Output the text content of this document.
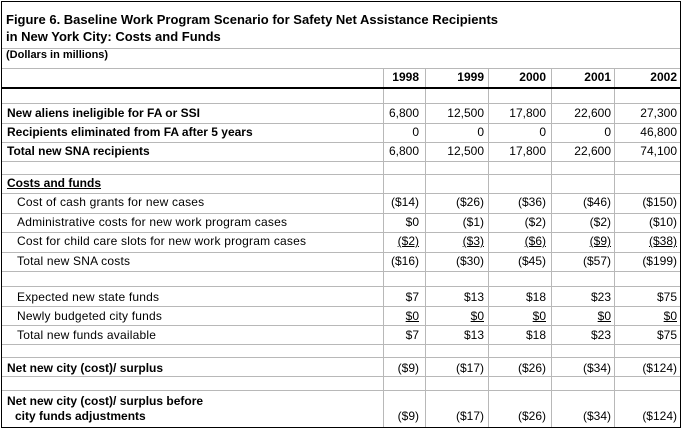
Figure 6. Baseline Work Program Scenario for Safety Net Assistance Recipients
in New York City: Costs and Funds
(Dollars in millions)
1998	1999	2000	2001	2002
New aliens ineligible for FA or SSI	6,800	12,500	17,800	22,600	27,300
Recipients eliminated from FA after 5 years	0	0	0	0	46,800
Total new SNA recipients	6,800	12,500	17,800	22,600	74,100
Costs and funds
Cost of cash grants for new cases	($14)	($26)	($36)	($46)	($150)
Administrative costs for new work program cases	$0	($1)	($2)	($2)	($10)
Cost for child care slots for new work program cases	($2)	($3)	($6)	($9)	($38)
Total new SNA costs	($16)	($30)	($45)	($57)	($199)
Expected new state funds	$7	$13	$18	$23	$75
Newly budgeted city funds	$0	$0	$0	$0	$0
Total new funds available	$7	$13	$18	$23	$75
Net new city (cost)/ surplus	($9)	($17)	($26)	($34)	($124)
Net new city (cost)/ surplus before
city funds adjustments	($9)	($17)	($26)	($34)	($124)
